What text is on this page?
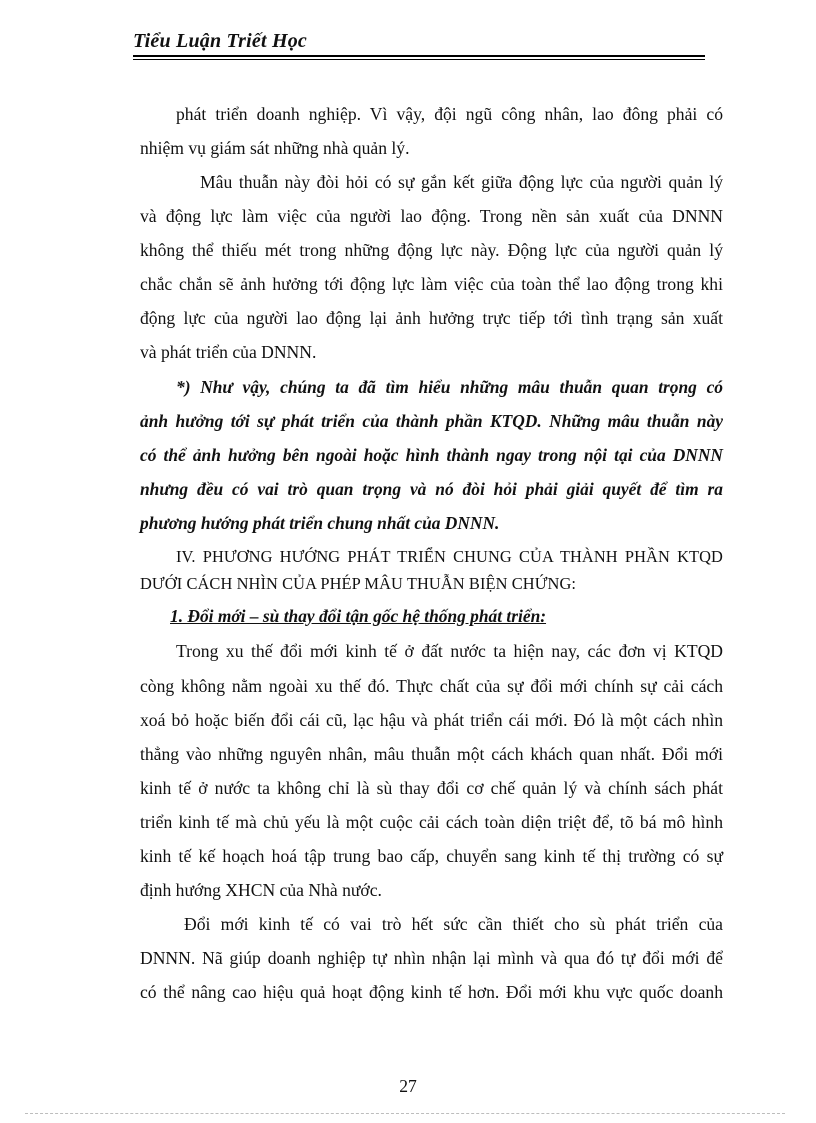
Tiểu Luận Triết Học
phát triển doanh nghiệp. Vì vậy, đội ngũ công nhân, lao đông phải có
nhiệm vụ giám sát những nhà quản lý.
Mâu thuẫn này đòi hỏi có sự gắn kết giữa động lực của người quản lý
và động lực làm việc của người lao động. Trong nền sản xuất của DNNN
không thể thiếu mét trong những động lực này. Động lực của người quản lý
chắc chắn sẽ ảnh hưởng tới động lực làm việc của toàn thể lao động trong khi
động lực của người lao động lại ảnh hưởng trực tiếp tới tình trạng sản xuất
và phát triển của DNNN.
*) Như vậy, chúng ta đã tìm hiểu những mâu thuẫn quan trọng có
ảnh hưởng tới sự phát triển của thành phần KTQD. Những mâu thuẫn này
có thể ảnh hưởng bên ngoài hoặc hình thành ngay trong nội tại của DNNN
nhưng đều có vai trò quan trọng và nó đòi hỏi phải giải quyết để tìm ra
phương hướng phát triển chung nhất của DNNN.
IV. PHƯƠNG HƯỚNG PHÁT TRIỂN CHUNG CỦA THÀNH PHẦN KTQD
DƯỚI CÁCH NHÌN CỦA PHÉP MÂU THUẪN BIỆN CHỨNG:
1. Đổi mới – sù thay đổi tận gốc hệ thống phát triển:
Trong xu thế đổi mới kinh tế ở đất nước ta hiện nay, các đơn vị KTQD
còng không nằm ngoài xu thế đó. Thực chất của sự đổi mới chính sự cải cách
xoá bỏ hoặc biến đổi cái cũ, lạc hậu và phát triển cái mới. Đó là một cách nhìn
thẳng vào những nguyên nhân, mâu thuẫn một cách khách quan nhất. Đổi mới
kinh tế ở nước ta không chỉ là sù thay đổi cơ chế quản lý và chính sách phát
triển kinh tế mà chủ yếu là một cuộc cải cách toàn diện triệt để, tõ bá mô hình
kinh tế kế hoạch hoá tập trung bao cấp, chuyển sang kinh tế thị trường có sự
định hướng XHCN của Nhà nước.
Đổi mới kinh tế có vai trò hết sức cần thiết cho sù phát triển của
DNNN. Nã giúp doanh nghiệp tự nhìn nhận lại mình và qua đó tự đổi mới để
có thể nâng cao hiệu quả hoạt động kinh tế hơn. Đổi mới khu vực quốc doanh
27
